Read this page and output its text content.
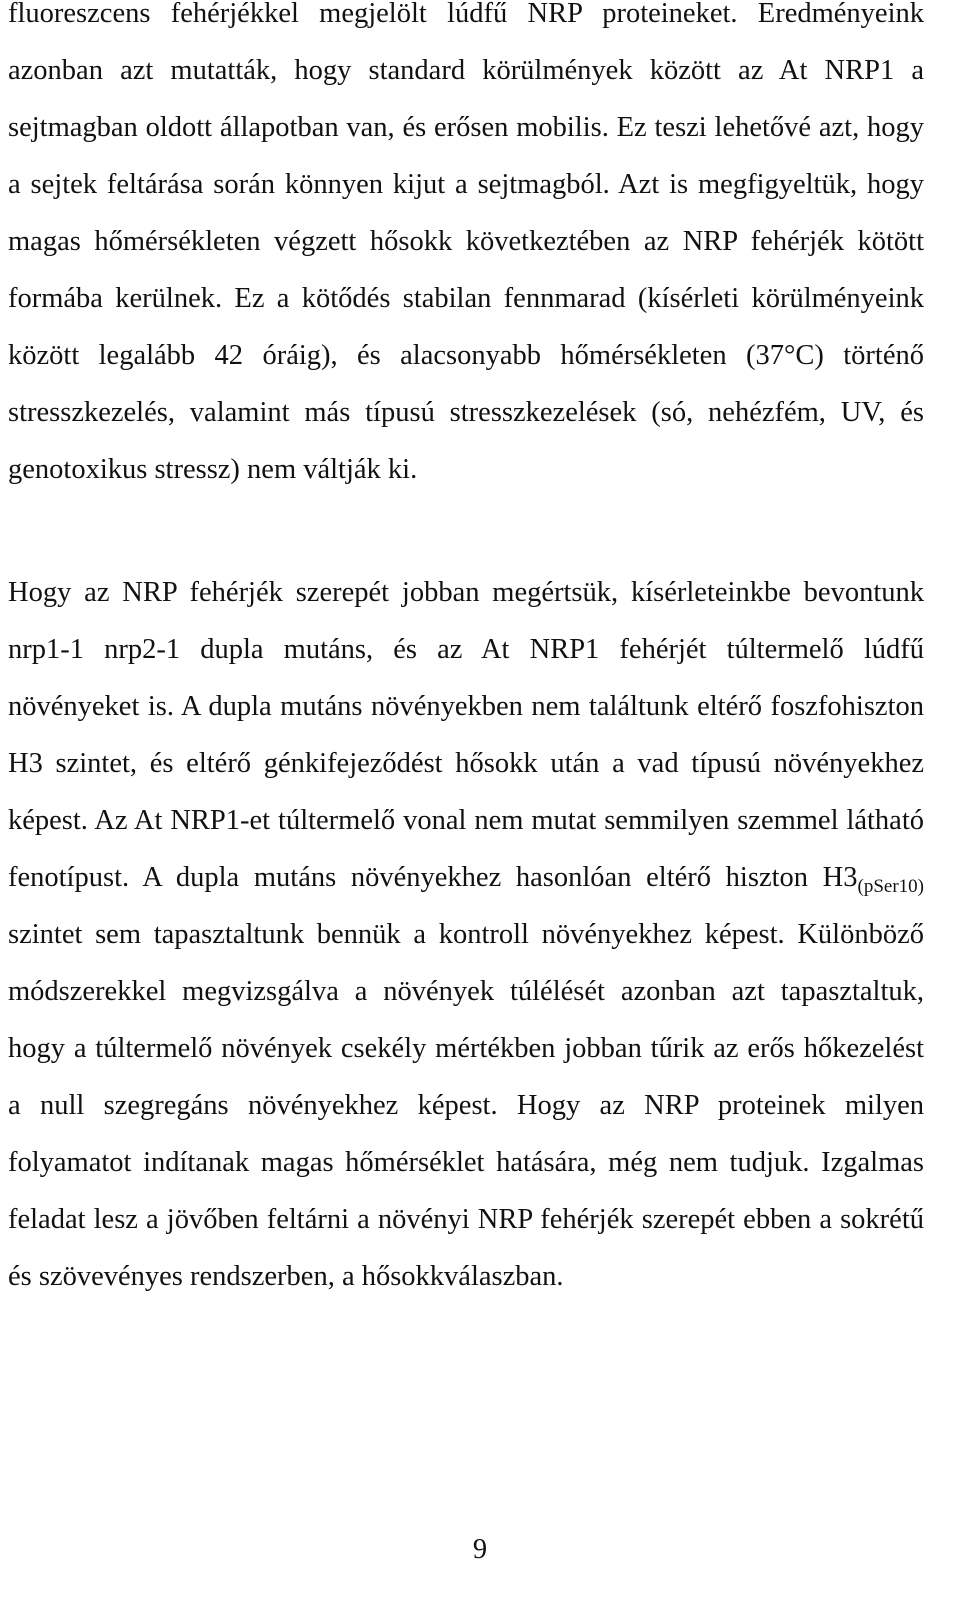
fluoreszcens fehérjékkel megjelölt lúdfű NRP proteineket. Eredményeink azonban azt mutatták, hogy standard körülmények között az At NRP1 a sejtmagban oldott állapotban van, és erősen mobilis. Ez teszi lehetővé azt, hogy a sejtek feltárása során könnyen kijut a sejtmagból. Azt is megfigyeltük, hogy magas hőmérsékleten végzett hősokk következtében az NRP fehérjék kötött formába kerülnek. Ez a kötődés stabilan fennmarad (kísérleti körülményeink között legalább 42 óráig), és alacsonyabb hőmérsékleten (37°C) történő stresszkezelés, valamint más típusú stresszkezelések (só, nehézfém, UV, és genotoxikus stressz) nem váltják ki.

Hogy az NRP fehérjék szerepét jobban megértsük, kísérleteinkbe bevontunk nrp1-1 nrp2-1 dupla mutáns, és az At NRP1 fehérjét túltermelő lúdfű növényeket is. A dupla mutáns növényekben nem találtunk eltérő foszfohiszton H3 szintet, és eltérő génkifejeződést hősokk után a vad típusú növényekhez képest. Az At NRP1-et túltermelő vonal nem mutat semmilyen szemmel látható fenotípust. A dupla mutáns növényekhez hasonlóan eltérő hiszton $H3_{(pSer10)}$ szintet sem tapasztaltunk bennük a kontroll növényekhez képest. Különböző módszerekkel megvizsgálva a növények túlélését azonban azt tapasztaltuk, hogy a túltermelő növények csekély mértékben jobban tűrik az erős hőkezelést a null szegregáns növényekhez képest. Hogy az NRP proteinek milyen folyamatot indítanak magas hőmérséklet hatására, még nem tudjuk. Izgalmas feladat lesz a jövőben feltárni a növényi NRP fehérjék szerepét ebben a sokrétű és szövevényes rendszerben, a hősokkválaszban.

9
